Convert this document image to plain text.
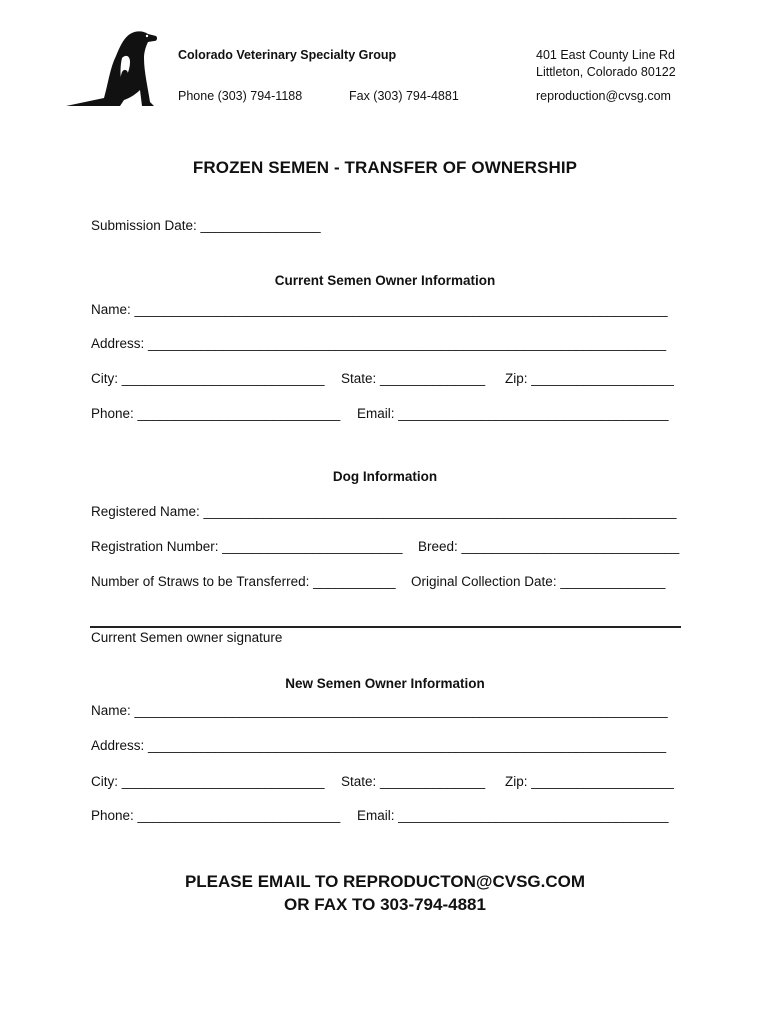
Colorado Veterinary Specialty Group	401 East County Line Rd
Littleton, Colorado 80122
Phone (303) 794-1188	Fax (303) 794-4881	reproduction@cvsg.com
FROZEN SEMEN - TRANSFER OF OWNERSHIP
Submission Date: ________________
Current Semen Owner Information
Name: _______________________________________________________________________
Address: _____________________________________________________________________
City: ___________________________ State: ______________ Zip: ___________________
Phone: ___________________________ Email: ____________________________________
Dog Information
Registered Name: _______________________________________________________________
Registration Number: ________________________ Breed: _____________________________
Number of Straws to be Transferred: ___________ Original Collection Date: ______________
Current Semen owner signature
New Semen Owner Information
Name: _______________________________________________________________________
Address: _____________________________________________________________________
City: ___________________________ State: ______________ Zip: ___________________
Phone: ___________________________ Email: ____________________________________
PLEASE EMAIL TO REPRODUCTON@CVSG.COM
OR FAX TO 303-794-4881
